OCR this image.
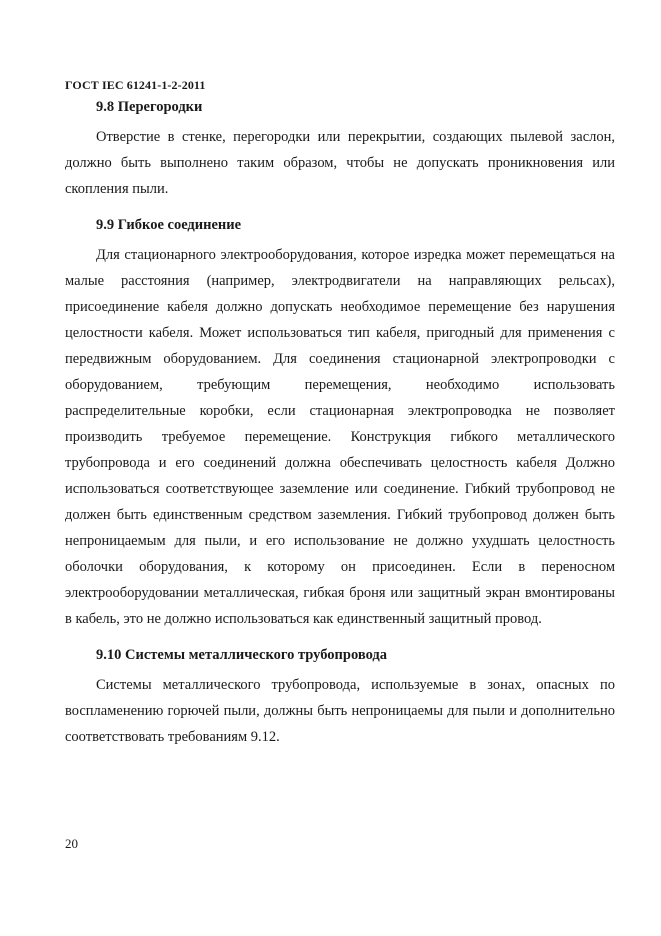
ГОСТ IEC 61241-1-2-2011
9.8 Перегородки

Отверстие в стенке, перегородки или перекрытии, создающих пылевой заслон, должно быть выполнено таким образом, чтобы не допускать проникновения или скопления пыли.

9.9 Гибкое соединение

Для стационарного электрооборудования, которое изредка может перемещаться на малые расстояния (например, электродвигатели на направляющих рельсах), присоединение кабеля должно допускать необходимое перемещение без нарушения целостности кабеля. Может использоваться тип кабеля, пригодный для применения с передвижным оборудованием. Для соединения стационарной электропроводки с оборудованием, требующим перемещения, необходимо использовать распределительные коробки, если стационарная электропроводка не позволяет производить требуемое перемещение. Конструкция гибкого металлического трубопровода и его соединений должна обеспечивать целостность кабеля Должно использоваться соответствующее заземление или соединение. Гибкий трубопровод не должен быть единственным средством заземления. Гибкий трубопровод должен быть непроницаемым для пыли, и его использование не должно ухудшать целостность оболочки оборудования, к которому он присоединен. Если в переносном электрооборудовании металлическая, гибкая броня или защитный экран вмонтированы в кабель, это не должно использоваться как единственный защитный провод.

9.10 Системы металлического трубопровода

Системы металлического трубопровода, используемые в зонах, опасных по воспламенению горючей пыли, должны быть непроницаемы для пыли и дополнительно соответствовать требованиям 9.12.

20
